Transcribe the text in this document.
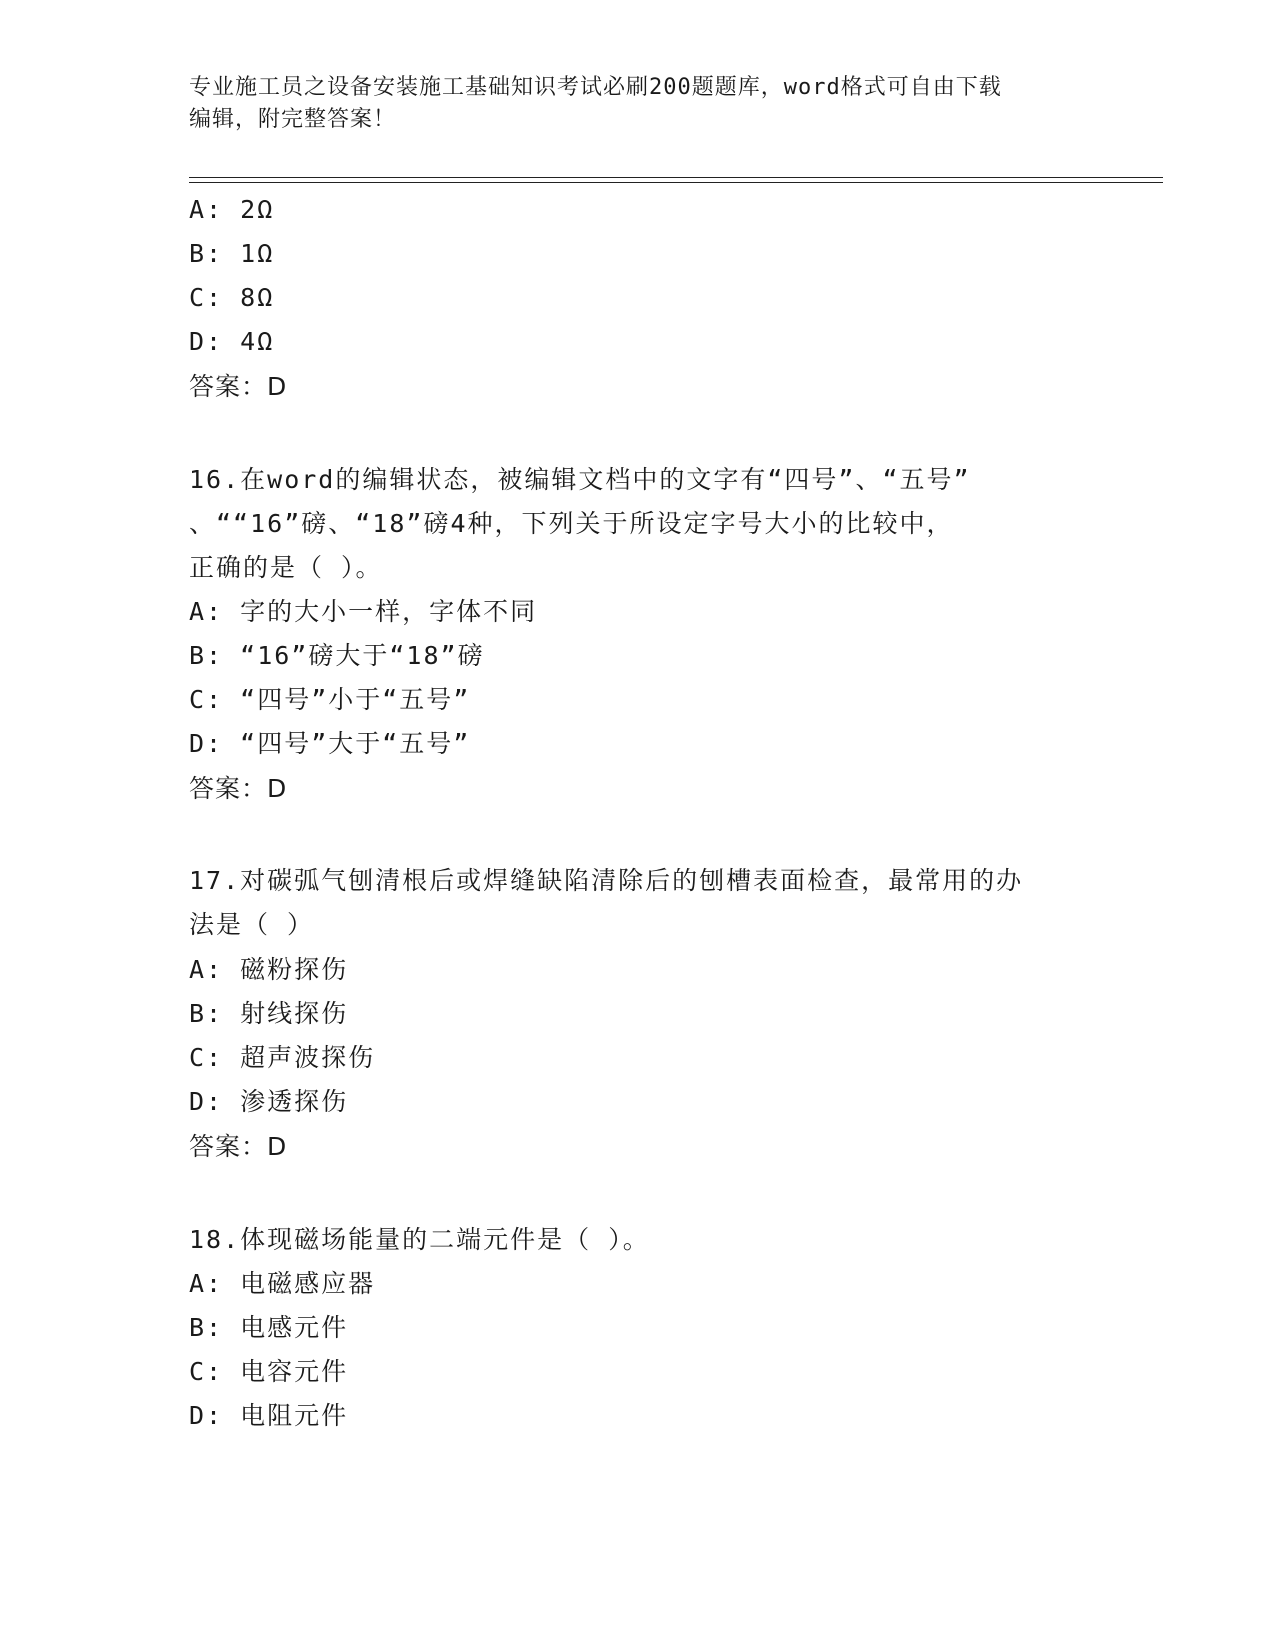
专业施工员之设备安装施工基础知识考试必刷200题题库，word格式可自由下载
编辑，附完整答案！
A: 2Ω
B: 1Ω
C: 8Ω
D: 4Ω
答案：D
16.在word的编辑状态，被编辑文档中的文字有“四号”、“五号”
、““16”磅、“18”磅4种，下列关于所设定字号大小的比较中，
正确的是（ ）。
A: 字的大小一样，字体不同
B: “16”磅大于“18”磅
C: “四号”小于“五号”
D: “四号”大于“五号”
答案：D
17.对碳弧气刨清根后或焊缝缺陷清除后的刨槽表面检查，最常用的办
法是（ ）
A: 磁粉探伤
B: 射线探伤
C: 超声波探伤
D: 渗透探伤
答案：D
18.体现磁场能量的二端元件是（ ）。
A: 电磁感应器
B: 电感元件
C: 电容元件
D: 电阻元件
